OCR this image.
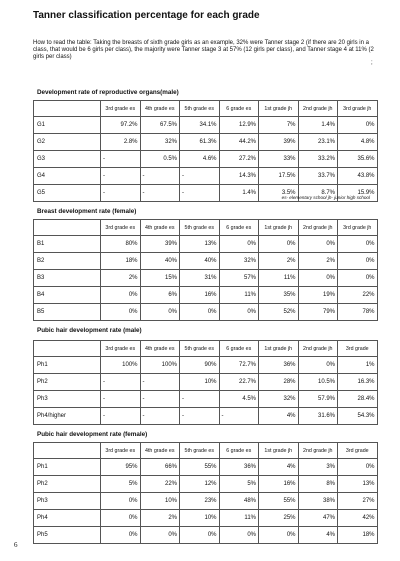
Tanner classification percentage for each grade
How to read the table: Taking the breasts of sixth grade girls as an example, 32% were Tanner stage 2 (if there are 20 girls in a class, that would be 6 girls per class), the majority were Tanner stage 3 at 57% (12 girls per class), and Tanner stage 4 at 11% (2 girls per class)
;
Development rate of reproductive organs(male)
	3rd grade es	4th grade es	5th grade es	6 grade es	1st grade jh	2nd grade jh	3rd grade jh
G1	97.2%	67.5%	34.1%	12.9%	7%	1.4%	0%
G2	2.8%	32%	61.3%	44.2%	39%	23.1%	4.8%
G3	-	0.5%	4.6%	27.2%	33%	33.2%	35.6%
G4	-	-	-	14.3%	17.5%	33.7%	43.8%
G5	-	-	-	1.4%	3.5%	8.7%	15.9%
es- elementary school jh- junior high school
Breast development rate (female)
	3rd grade es	4th grade es	5th grade es	6 grade es	1st grade jh	2nd grade jh	3rd grade jh
B1	80%	39%	13%	0%	0%	0%	0%
B2	18%	40%	40%	32%	2%	2%	0%
B3	2%	15%	31%	57%	11%	0%	0%
B4	0%	6%	16%	11%	35%	19%	22%
B5	0%	0%	0%	0%	52%	79%	78%
Pubic hair development rate (male)
	3rd grade es	4th grade es	5th grade es	6 grade es	1st grade jh	2nd grade jh	3rd grade
Ph1	100%	100%	90%	72.7%	36%	0%	1%
Ph2	-	-	10%	22.7%	28%	10.5%	16.3%
Ph3	-	-	-	4.5%	32%	57.9%	28.4%
Ph4/higher	-	-	-	-	4%	31.6%	54.3%
Pubic hair development rate (female)
	3rd grade es	4th grade es	5th grade es	6 grade es	1st grade jh	2nd grade jh	3rd grade
Ph1	95%	66%	55%	36%	4%	3%	0%
Ph2	5%	22%	12%	5%	16%	8%	13%
Ph3	0%	10%	23%	48%	55%	38%	27%
Ph4	0%	2%	10%	11%	25%	47%	42%
Ph5	0%	0%	0%	0%	0%	4%	18%
6
